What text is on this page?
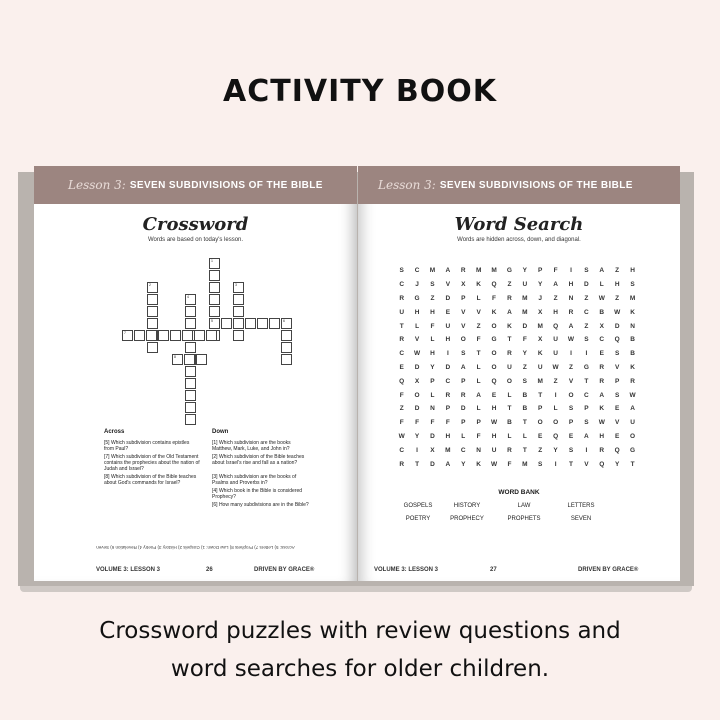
ACTIVITY BOOK
Lesson 3: SEVEN SUBDIVISIONS OF THE BIBLE
Crossword
Words are based on today's lesson.
1
2	3
4
5	6
7
8
Across
[5] Which subdivision contains epistles from Paul?
[7] Which subdivision of the Old Testament contains the prophecies about the nation of Judah and Israel?
[8] Which subdivision of the Bible teaches about God's commands for Israel?
Down
[1] Which subdivision are the books Matthew, Mark, Luke, and John in?
[2] Which subdivision of the Bible teaches about Israel's rise and fall as a nation?
[3] Which subdivision are the books of Psalms and Proverbs in?
[4] Which book in the Bible is considered Prophecy?
[6] How many subdivisions are in the Bible?
Across: 5) Letters 7) Prophets 8) Law Down: 1) Gospels 2) History 3) Poetry 4) Revelation 6) Seven
VOLUME 3: LESSON 3	26	DRIVEN BY GRACE®
Lesson 3: SEVEN SUBDIVISIONS OF THE BIBLE
Word Search
Words are hidden across, down, and diagonal.
S	C	M	A	R	M	M	G	Y	P	F	I	S	A	Z	H
C	J	S	V	X	K	Q	Z	U	Y	A	H	D	L	H	S
R	G	Z	D	P	L	F	R	M	J	Z	N	Z	W	Z	M
U	H	H	E	V	V	K	A	M	X	H	R	C	B	W	K
T	L	F	U	V	Z	O	K	D	M	Q	A	Z	X	D	N
R	V	L	H	O	F	G	T	F	X	U	W	S	C	Q	B
C	W	H	I	S	T	O	R	Y	K	U	I	I	E	S	B
E	D	Y	D	A	L	O	U	Z	U	W	Z	G	R	V	K
Q	X	P	C	P	L	Q	O	S	M	Z	V	T	R	P	R
F	O	L	R	R	A	E	L	B	T	I	O	C	A	S	W
Z	D	N	P	D	L	H	T	B	P	L	S	P	K	E	A
F	F	F	F	P	P	W	B	T	O	O	P	S	W	V	U
W	Y	D	H	L	F	H	L	L	E	Q	E	A	H	E	O
C	I	X	M	C	N	U	R	T	Z	Y	S	I	R	Q	G
R	T	D	A	Y	K	W	F	M	S	I	T	V	Q	Y	T
WORD BANK
GOSPELS	HISTORY	LAW	LETTERS
POETRY	PROPHECY	PROPHETS	SEVEN
VOLUME 3: LESSON 3	27	DRIVEN BY GRACE®
Crossword puzzles with review questions and
word searches for older children.
